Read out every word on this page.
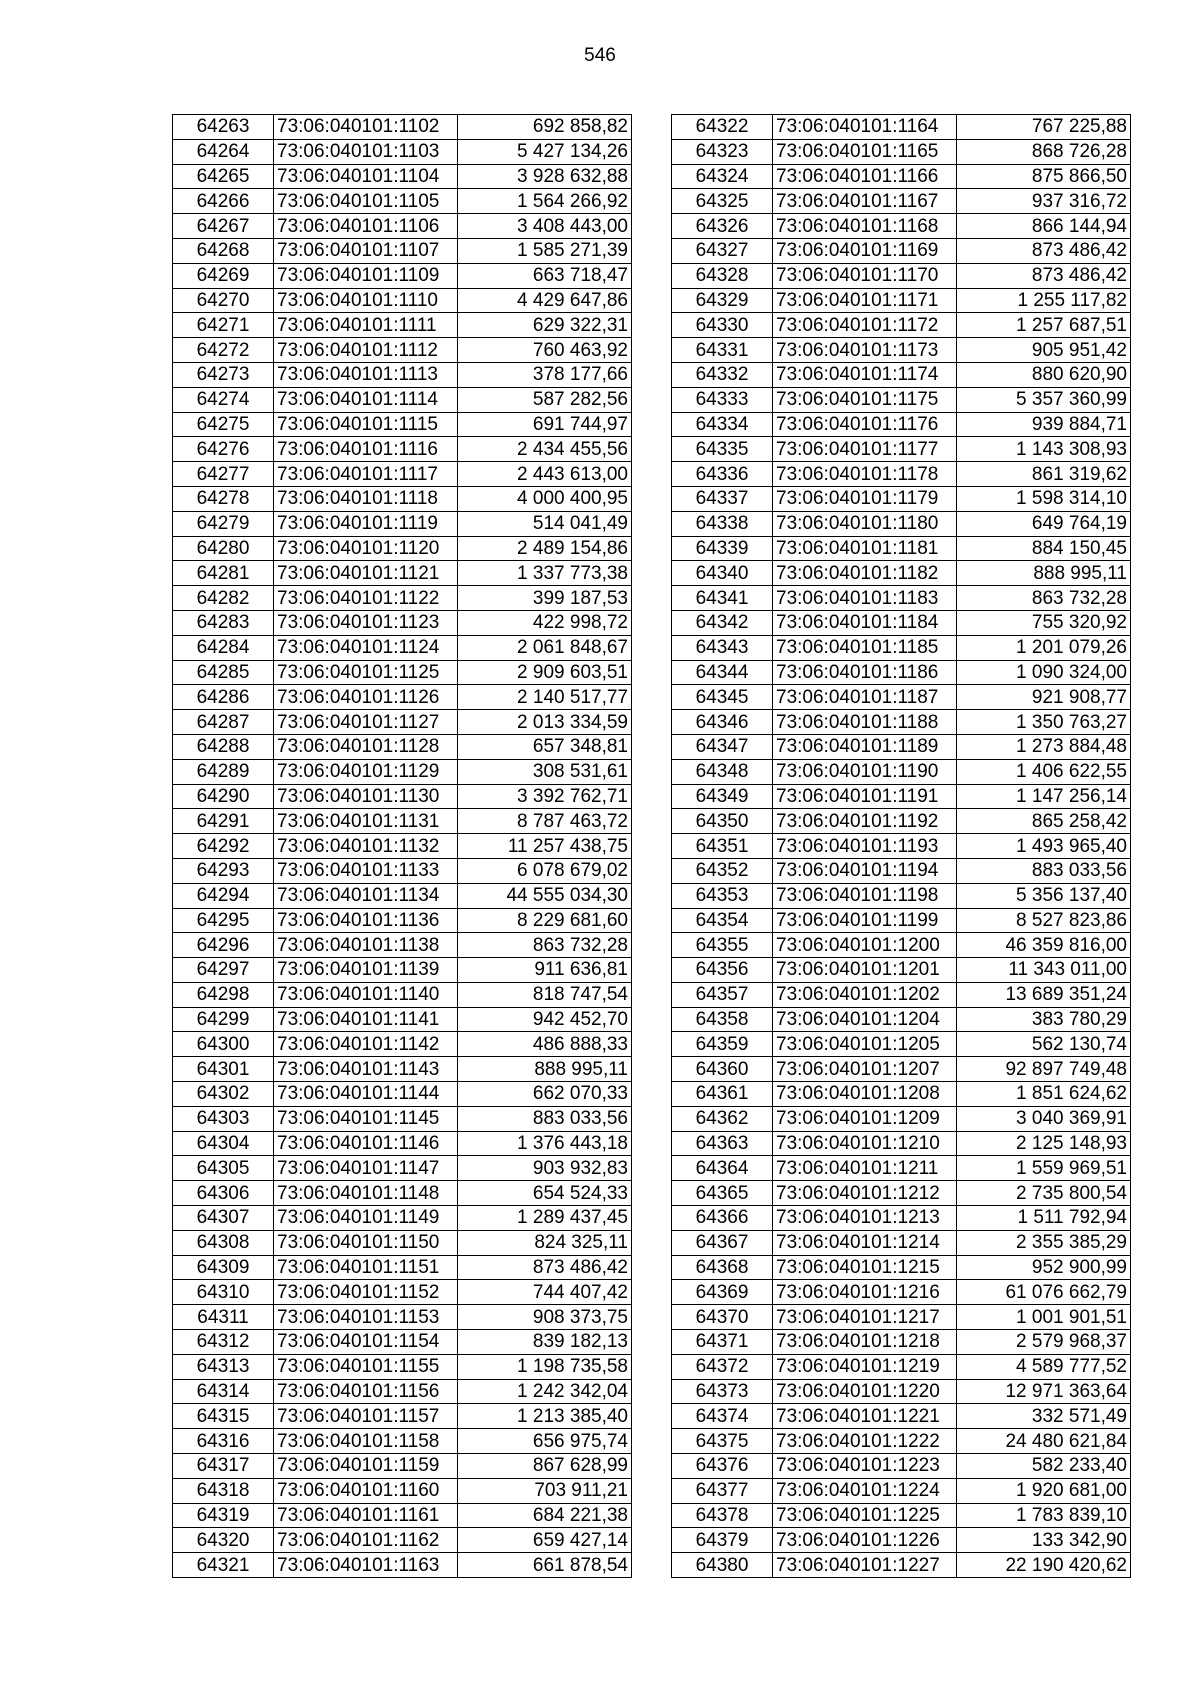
546
64263	73:06:040101:1102	692 858,82
64264	73:06:040101:1103	5 427 134,26
64265	73:06:040101:1104	3 928 632,88
64266	73:06:040101:1105	1 564 266,92
64267	73:06:040101:1106	3 408 443,00
64268	73:06:040101:1107	1 585 271,39
64269	73:06:040101:1109	663 718,47
64270	73:06:040101:1110	4 429 647,86
64271	73:06:040101:1111	629 322,31
64272	73:06:040101:1112	760 463,92
64273	73:06:040101:1113	378 177,66
64274	73:06:040101:1114	587 282,56
64275	73:06:040101:1115	691 744,97
64276	73:06:040101:1116	2 434 455,56
64277	73:06:040101:1117	2 443 613,00
64278	73:06:040101:1118	4 000 400,95
64279	73:06:040101:1119	514 041,49
64280	73:06:040101:1120	2 489 154,86
64281	73:06:040101:1121	1 337 773,38
64282	73:06:040101:1122	399 187,53
64283	73:06:040101:1123	422 998,72
64284	73:06:040101:1124	2 061 848,67
64285	73:06:040101:1125	2 909 603,51
64286	73:06:040101:1126	2 140 517,77
64287	73:06:040101:1127	2 013 334,59
64288	73:06:040101:1128	657 348,81
64289	73:06:040101:1129	308 531,61
64290	73:06:040101:1130	3 392 762,71
64291	73:06:040101:1131	8 787 463,72
64292	73:06:040101:1132	11 257 438,75
64293	73:06:040101:1133	6 078 679,02
64294	73:06:040101:1134	44 555 034,30
64295	73:06:040101:1136	8 229 681,60
64296	73:06:040101:1138	863 732,28
64297	73:06:040101:1139	911 636,81
64298	73:06:040101:1140	818 747,54
64299	73:06:040101:1141	942 452,70
64300	73:06:040101:1142	486 888,33
64301	73:06:040101:1143	888 995,11
64302	73:06:040101:1144	662 070,33
64303	73:06:040101:1145	883 033,56
64304	73:06:040101:1146	1 376 443,18
64305	73:06:040101:1147	903 932,83
64306	73:06:040101:1148	654 524,33
64307	73:06:040101:1149	1 289 437,45
64308	73:06:040101:1150	824 325,11
64309	73:06:040101:1151	873 486,42
64310	73:06:040101:1152	744 407,42
64311	73:06:040101:1153	908 373,75
64312	73:06:040101:1154	839 182,13
64313	73:06:040101:1155	1 198 735,58
64314	73:06:040101:1156	1 242 342,04
64315	73:06:040101:1157	1 213 385,40
64316	73:06:040101:1158	656 975,74
64317	73:06:040101:1159	867 628,99
64318	73:06:040101:1160	703 911,21
64319	73:06:040101:1161	684 221,38
64320	73:06:040101:1162	659 427,14
64321	73:06:040101:1163	661 878,54
64322	73:06:040101:1164	767 225,88
64323	73:06:040101:1165	868 726,28
64324	73:06:040101:1166	875 866,50
64325	73:06:040101:1167	937 316,72
64326	73:06:040101:1168	866 144,94
64327	73:06:040101:1169	873 486,42
64328	73:06:040101:1170	873 486,42
64329	73:06:040101:1171	1 255 117,82
64330	73:06:040101:1172	1 257 687,51
64331	73:06:040101:1173	905 951,42
64332	73:06:040101:1174	880 620,90
64333	73:06:040101:1175	5 357 360,99
64334	73:06:040101:1176	939 884,71
64335	73:06:040101:1177	1 143 308,93
64336	73:06:040101:1178	861 319,62
64337	73:06:040101:1179	1 598 314,10
64338	73:06:040101:1180	649 764,19
64339	73:06:040101:1181	884 150,45
64340	73:06:040101:1182	888 995,11
64341	73:06:040101:1183	863 732,28
64342	73:06:040101:1184	755 320,92
64343	73:06:040101:1185	1 201 079,26
64344	73:06:040101:1186	1 090 324,00
64345	73:06:040101:1187	921 908,77
64346	73:06:040101:1188	1 350 763,27
64347	73:06:040101:1189	1 273 884,48
64348	73:06:040101:1190	1 406 622,55
64349	73:06:040101:1191	1 147 256,14
64350	73:06:040101:1192	865 258,42
64351	73:06:040101:1193	1 493 965,40
64352	73:06:040101:1194	883 033,56
64353	73:06:040101:1198	5 356 137,40
64354	73:06:040101:1199	8 527 823,86
64355	73:06:040101:1200	46 359 816,00
64356	73:06:040101:1201	11 343 011,00
64357	73:06:040101:1202	13 689 351,24
64358	73:06:040101:1204	383 780,29
64359	73:06:040101:1205	562 130,74
64360	73:06:040101:1207	92 897 749,48
64361	73:06:040101:1208	1 851 624,62
64362	73:06:040101:1209	3 040 369,91
64363	73:06:040101:1210	2 125 148,93
64364	73:06:040101:1211	1 559 969,51
64365	73:06:040101:1212	2 735 800,54
64366	73:06:040101:1213	1 511 792,94
64367	73:06:040101:1214	2 355 385,29
64368	73:06:040101:1215	952 900,99
64369	73:06:040101:1216	61 076 662,79
64370	73:06:040101:1217	1 001 901,51
64371	73:06:040101:1218	2 579 968,37
64372	73:06:040101:1219	4 589 777,52
64373	73:06:040101:1220	12 971 363,64
64374	73:06:040101:1221	332 571,49
64375	73:06:040101:1222	24 480 621,84
64376	73:06:040101:1223	582 233,40
64377	73:06:040101:1224	1 920 681,00
64378	73:06:040101:1225	1 783 839,10
64379	73:06:040101:1226	133 342,90
64380	73:06:040101:1227	22 190 420,62
